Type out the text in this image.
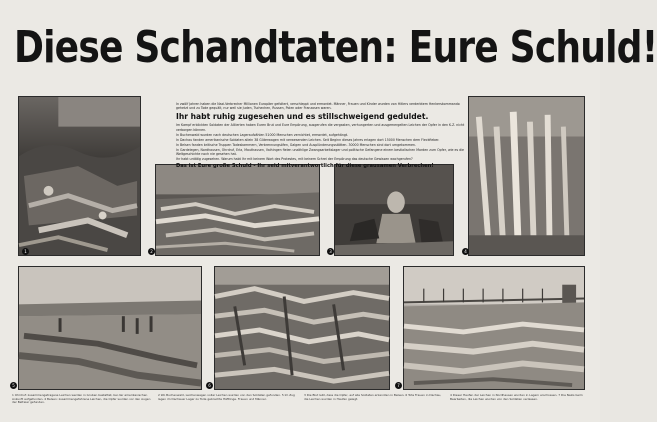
Diese Schandtaten: Eure Schuld!
1	2	3	4
5	6	7

In zwölf Jahren haben die Nazi-Verbrecher Millionen Europäer gefoltert, verschleppt und ermordet. Männer, Frauen und Kinder wurden von Hitlers verderbtem Henkerskommando gehetzt und zu Tode gequält, nur weil sie Juden, Tschechen, Russen, Polen oder Franzosen waren.

Ihr habt ruhig zugesehen und es stillschweigend geduldet.

Im Kampf erblickten Soldaten der Alliierten haben Euren Brut und Eure Empörung, ausgerufen die vergasten, verhungerten und ausgemergelten Leichen der Opfer in den K.Z. nicht verborgen können.

In Buchenwald wurden nach deutschen Lageraufzählen 51000 Menschen vernichtet, ermordet, aufgehängt.

In Dachau fanden amerikanische Soldaten allein 38 Güterwagen mit verwesenden Leichen. Seit Beginn dieses Jahres erlagen dort 15000 Menschen dem Fleckfieber.

In Belsen fanden britische Truppen Todeskammern, Verbrennungsöfen, Galgen und Ausplünderungsstätten. 30000 Menschen sind dort umgekommen.

In Gardelegen, Nordhausen, Ohrdruf, Erla, Mauthausen, Vaihingen fielen unzählige Zwangsarbeitslager und politische Gefangene einem bestialischen Morden zum Opfer, wie es die Weltgeschichte noch nie gesehen hat.

Ihr habt untätig zugesehen. Warum habt Ihr mit keinem Wort des Protestes, mit keinem Schrei der Empörung das deutsche Gewissen wachgerufen?

Das ist Eure große Schuld - Ihr seid mitverantwortlich für diese grausamen Verbrechen!
1 Ohrdruf: zusammengetragene Leichen werden in Gruben bestattet, bei der amerikanischen Ankunft aufgefunden. 4 Belsen: zusammengefahrene Leichen, die Opfer wurden vor den Augen der Befreier gefunden.
2 Wo Buchenwald, Leichenwagen voller Leichen wurden von den Soldaten gefunden. 5 Im Zug lagen im Dachauer Lager zu Tode gebrachte Häftlinge. Frauen und Männer.
3 Die Blut lebt, dass die Opfer, auf alle Soldaten erkannten in Belsen. 6 Tote Frauen in Dachau, die Leichen wurden in Haufen gelegt.
4 Dieser Haufen der Leichen in Nordhausen wurden in Lagern erschossen. 7 Die Nazis beim Bearbeiten, die Leichen wurden von den Soldaten verlassen.
